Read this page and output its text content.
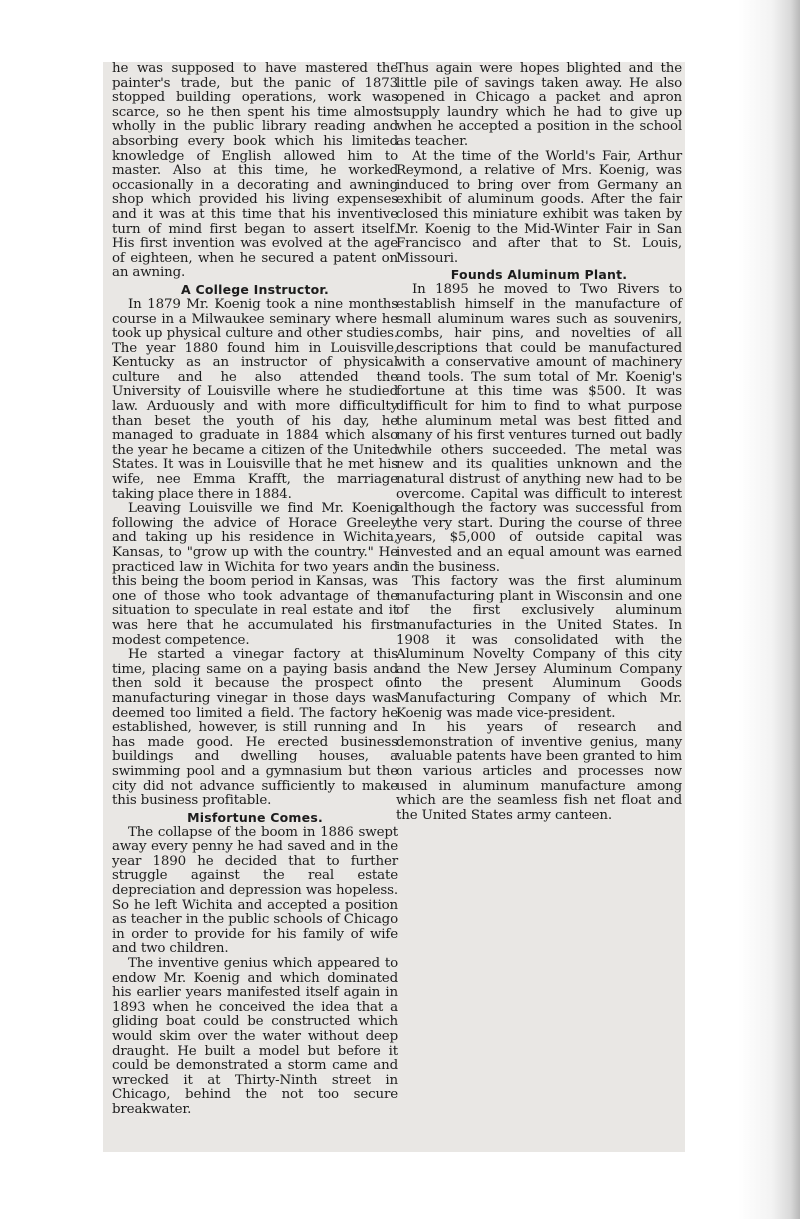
he was supposed to have mastered the painter's trade, but the panic of 1873 stopped building operations, work was scarce, so he then spent his time almost wholly in the public library reading and absorbing every book which his limited knowledge of English allowed him to master. Also at this time, he worked occasionally in a decorating and awning shop which provided his living expenses and it was at this time that his inventive turn of mind first began to assert itself. His first invention was evolved at the age of eighteen, when he secured a patent on an awning.

A College Instructor.

In 1879 Mr. Koenig took a nine months course in a Milwaukee seminary where he took up physical culture and other studies. The year 1880 found him in Louisville, Kentucky as an instructor of physical culture and he also attended the University of Louisville where he studied law. Arduously and with more difficulty than beset the youth of his day, he managed to graduate in 1884 which also the year he became a citizen of the United States. It was in Louisville that he met his wife, nee Emma Krafft, the marriage taking place there in 1884.

Leaving Louisville we find Mr. Koenig following the advice of Horace Greeley and taking up his residence in Wichita, Kansas, to "grow up with the country." He practiced law in Wichita for two years and this being the boom period in Kansas, was one of those who took advantage of the situation to speculate in real estate and it was here that he accumulated his first modest competence.

He started a vinegar factory at this time, placing same on a paying basis and then sold it because the prospect of manufacturing vinegar in those days was deemed too limited a field. The factory he established, however, is still running and has made good. He erected business buildings and dwelling houses, a swimming pool and a gymnasium but the city did not advance sufficiently to make this business profitable.

Misfortune Comes.

The collapse of the boom in 1886 swept away every penny he had saved and in the year 1890 he decided that to further struggle against the real estate depreciation and depression was hopeless. So he left Wichita and accepted a position as teacher in the public schools of Chicago in order to provide for his family of wife and two children.

The inventive genius which appeared to endow Mr. Koenig and which dominated his earlier years manifested itself again in 1893 when he conceived the idea that a gliding boat could be constructed which would skim over the water without deep draught. He built a model but before it could be demonstrated a storm came and wrecked it at Thirty-Ninth street in Chicago, behind the not too secure breakwater.

Thus again were hopes blighted and the little pile of savings taken away. He also opened in Chicago a packet and apron supply laundry which he had to give up when he accepted a position in the school as teacher.

At the time of the World's Fair, Arthur Reymond, a relative of Mrs. Koenig, was induced to bring over from Germany an exhibit of aluminum goods. After the fair closed this miniature exhibit was taken by Mr. Koenig to the Mid-Winter Fair in San Francisco and after that to St. Louis, Missouri.

Founds Aluminum Plant.

In 1895 he moved to Two Rivers to establish himself in the manufacture of small aluminum wares such as souvenirs, combs, hair pins, and novelties of all descriptions that could be manufactured with a conservative amount of machinery and tools. The sum total of Mr. Koenig's fortune at this time was $500. It was difficult for him to find to what purpose the aluminum metal was best fitted and many of his first ventures turned out badly while others succeeded. The metal was new and its qualities unknown and the natural distrust of anything new had to be overcome. Capital was difficult to interest although the factory was successful from the very start. During the course of three years, $5,000 of outside capital was invested and an equal amount was earned in the business.

This factory was the first aluminum manufacturing plant in Wisconsin and one of the first exclusively aluminum manufacturies in the United States. In 1908 it was consolidated with the Aluminum Novelty Company of this city and the New Jersey Aluminum Company into the present Aluminum Goods Manufacturing Company of which Mr. Koenig was made vice-president.

In his years of research and demonstration of inventive genius, many valuable patents have been granted to him on various articles and processes now used in aluminum manufacture among which are the seamless fish net float and the United States army canteen.
